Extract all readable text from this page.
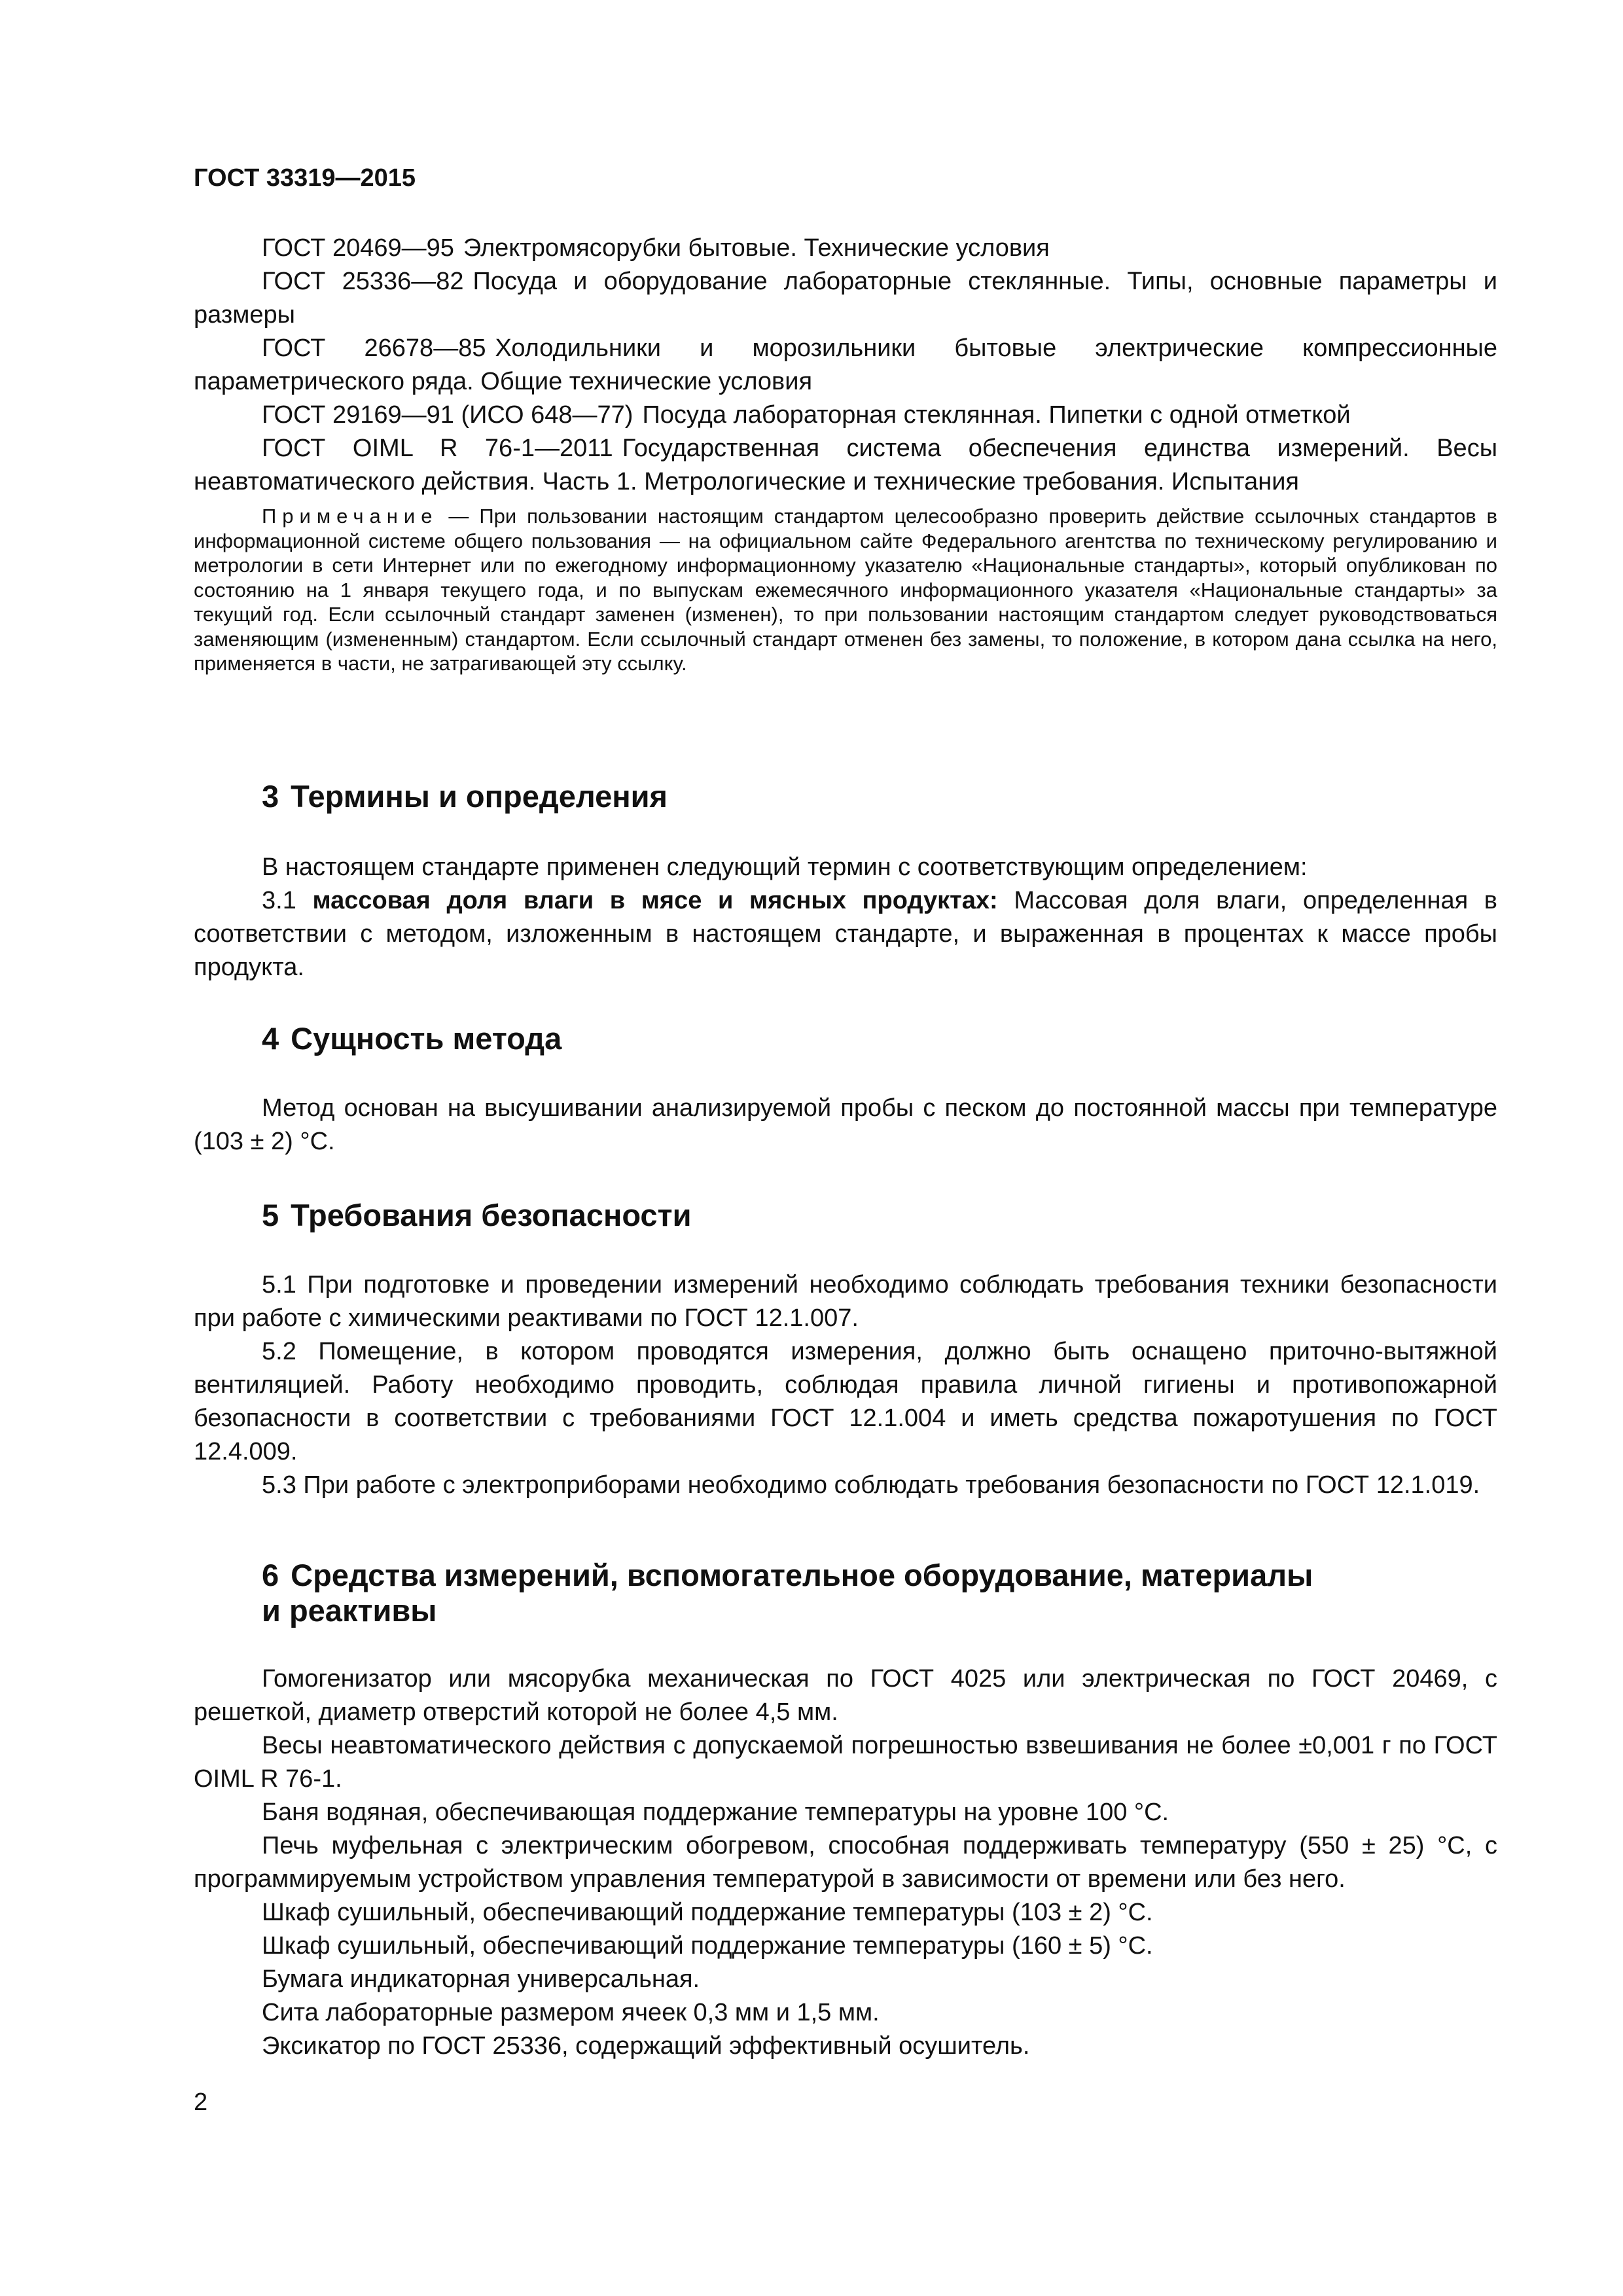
ГОСТ 33319—2015

ГОСТ 20469—95 Электромясорубки бытовые. Технические условия

ГОСТ 25336—82 Посуда и оборудование лабораторные стеклянные. Типы, основные параметры и размеры

ГОСТ 26678—85 Холодильники и морозильники бытовые электрические компрессионные параметрического ряда. Общие технические условия

ГОСТ 29169—91 (ИСО 648—77) Посуда лабораторная стеклянная. Пипетки с одной отметкой

ГОСТ OIML R 76-1—2011 Государственная система обеспечения единства измерений. Весы неавтоматического действия. Часть 1. Метрологические и технические требования. Испытания

Примечание — При пользовании настоящим стандартом целесообразно проверить действие ссылочных стандартов в информационной системе общего пользования — на официальном сайте Федерального агентства по техническому регулированию и метрологии в сети Интернет или по ежегодному информационному указателю «Национальные стандарты», который опубликован по состоянию на 1 января текущего года, и по выпускам ежемесячного информационного указателя «Национальные стандарты» за текущий год. Если ссылочный стандарт заменен (изменен), то при пользовании настоящим стандартом следует руководствоваться заменяющим (измененным) стандартом. Если ссылочный стандарт отменен без замены, то положение, в котором дана ссылка на него, применяется в части, не затрагивающей эту ссылку.

3 Термины и определения

В настоящем стандарте применен следующий термин с соответствующим определением:

3.1 массовая доля влаги в мясе и мясных продуктах: Массовая доля влаги, определенная в соответствии с методом, изложенным в настоящем стандарте, и выраженная в процентах к массе пробы продукта.

4 Сущность метода

Метод основан на высушивании анализируемой пробы с песком до постоянной массы при температуре (103 ± 2) °С.

5 Требования безопасности

5.1 При подготовке и проведении измерений необходимо соблюдать требования техники безопасности при работе с химическими реактивами по ГОСТ 12.1.007.

5.2 Помещение, в котором проводятся измерения, должно быть оснащено приточно-вытяжной вентиляцией. Работу необходимо проводить, соблюдая правила личной гигиены и противопожарной безопасности в соответствии с требованиями ГОСТ 12.1.004 и иметь средства пожаротушения по ГОСТ 12.4.009.

5.3 При работе с электроприборами необходимо соблюдать требования безопасности по ГОСТ 12.1.019.

6 Средства измерений, вспомогательное оборудование, материалы
и реактивы

Гомогенизатор или мясорубка механическая по ГОСТ 4025 или электрическая по ГОСТ 20469, с решеткой, диаметр отверстий которой не более 4,5 мм.

Весы неавтоматического действия с допускаемой погрешностью взвешивания не более ±0,001 г по ГОСТ OIML R 76-1.

Баня водяная, обеспечивающая поддержание температуры на уровне 100 °С.

Печь муфельная с электрическим обогревом, способная поддерживать температуру (550 ± 25) °С, с программируемым устройством управления температурой в зависимости от времени или без него.

Шкаф сушильный, обеспечивающий поддержание температуры (103 ± 2) °С.

Шкаф сушильный, обеспечивающий поддержание температуры (160 ± 5) °С.

Бумага индикаторная универсальная.

Сита лабораторные размером ячеек 0,3 мм и 1,5 мм.

Эксикатор по ГОСТ 25336, содержащий эффективный осушитель.

2
